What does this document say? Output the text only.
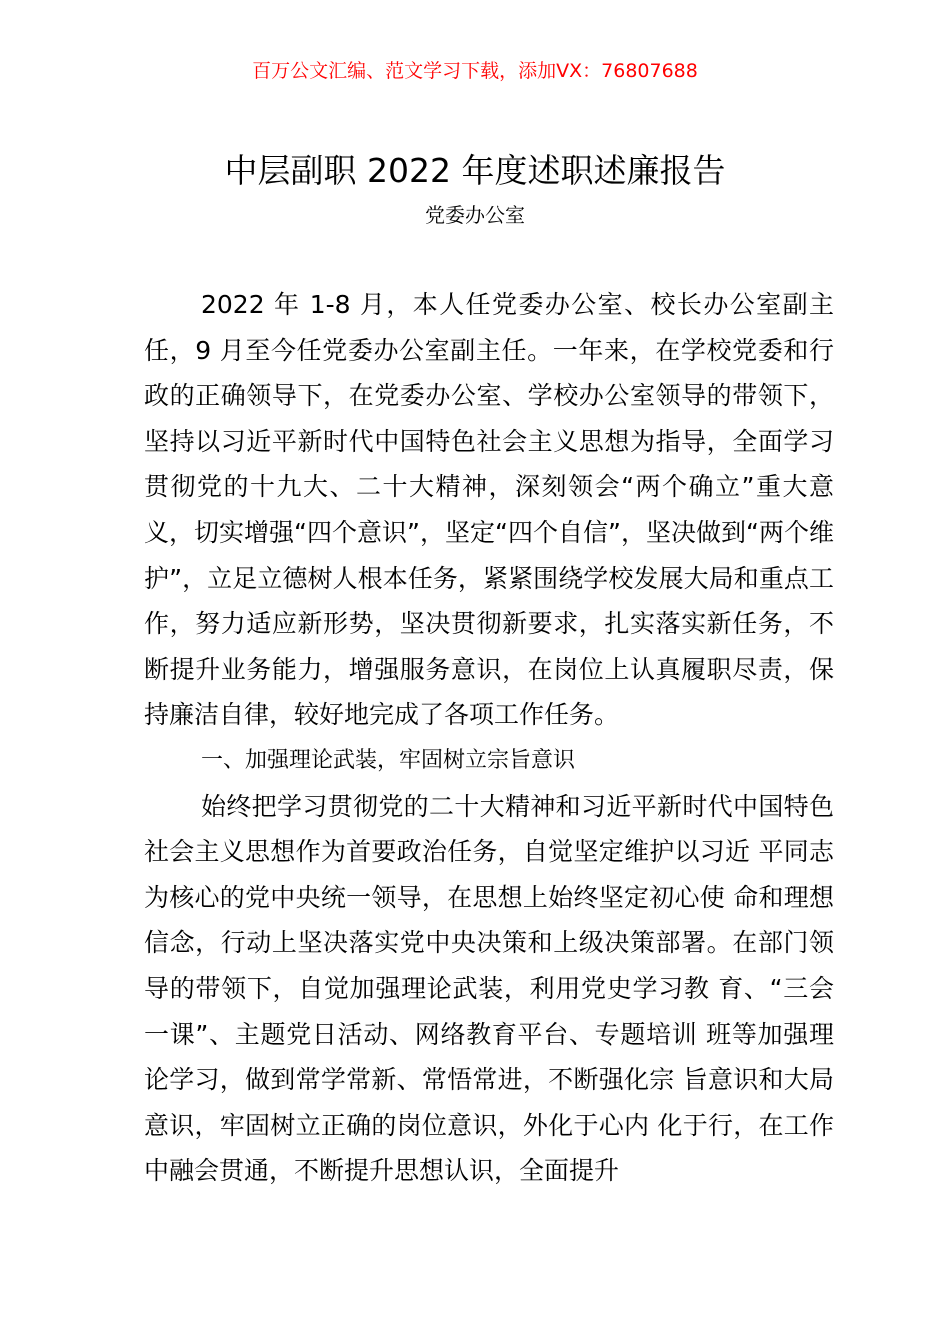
百万公文汇编、范文学习下载，添加VX：76807688
中层副职 2022 年度述职述廉报告
党委办公室

2022 年 1-8 月，本人任党委办公室、校长办公室副主任，9 月至今任党委办公室副主任。一年来，在学校党委和行政的正确领导下，在党委办公室、学校办公室领导的带领下，坚持以习近平新时代中国特色社会主义思想为指导，全面学习贯彻党的十九大、二十大精神，深刻领会“两个确立”重大意义，切实增强“四个意识”，坚定“四个自信”，坚决做到“两个维护”，立足立德树人根本任务，紧紧围绕学校发展大局和重点工作，努力适应新形势，坚决贯彻新要求，扎实落实新任务，不断提升业务能力，增强服务意识，在岗位上认真履职尽责，保持廉洁自律，较好地完成了各项工作任务。

一、加强理论武装，牢固树立宗旨意识

始终把学习贯彻党的二十大精神和习近平新时代中国特色社会主义思想作为首要政治任务，自觉坚定维护以习近 平同志为核心的党中央统一领导，在思想上始终坚定初心使 命和理想信念，行动上坚决落实党中央决策和上级决策部署。在部门领导的带领下，自觉加强理论武装，利用党史学习教 育、“三会一课”、主题党日活动、网络教育平台、专题培训 班等加强理论学习，做到常学常新、常悟常进，不断强化宗 旨意识和大局意识，牢固树立正确的岗位意识，外化于心内 化于行，在工作中融会贯通，不断提升思想认识，全面提升
